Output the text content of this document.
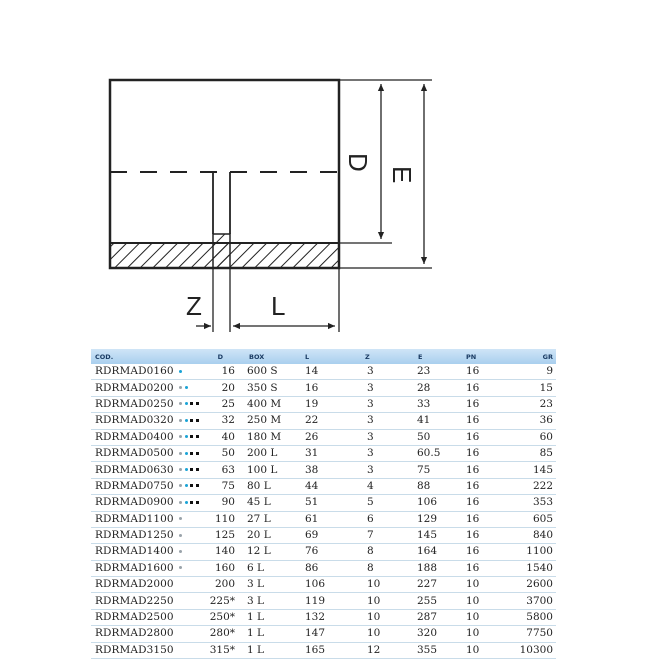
D
E
Z	L
COD.		D	BOX	L	Z	E	PN	GR
RDRMAD0160		16	600 S	14	3	23	16	9
RDRMAD0200		20	350 S	16	3	28	16	15
RDRMAD0250		25	400 M	19	3	33	16	23
RDRMAD0320		32	250 M	22	3	41	16	36
RDRMAD0400		40	180 M	26	3	50	16	60
RDRMAD0500		50	200 L	31	3	60.5	16	85
RDRMAD0630		63	100 L	38	3	75	16	145
RDRMAD0750		75	80 L	44	4	88	16	222
RDRMAD0900		90	45 L	51	5	106	16	353
RDRMAD1100		110	27 L	61	6	129	16	605
RDRMAD1250		125	20 L	69	7	145	16	840
RDRMAD1400		140	12 L	76	8	164	16	1100
RDRMAD1600		160	6 L	86	8	188	16	1540
RDRMAD2000		200	3 L	106	10	227	10	2600
RDRMAD2250		225*	3 L	119	10	255	10	3700
RDRMAD2500		250*	1 L	132	10	287	10	5800
RDRMAD2800		280*	1 L	147	10	320	10	7750
RDRMAD3150		315*	1 L	165	12	355	10	10300
